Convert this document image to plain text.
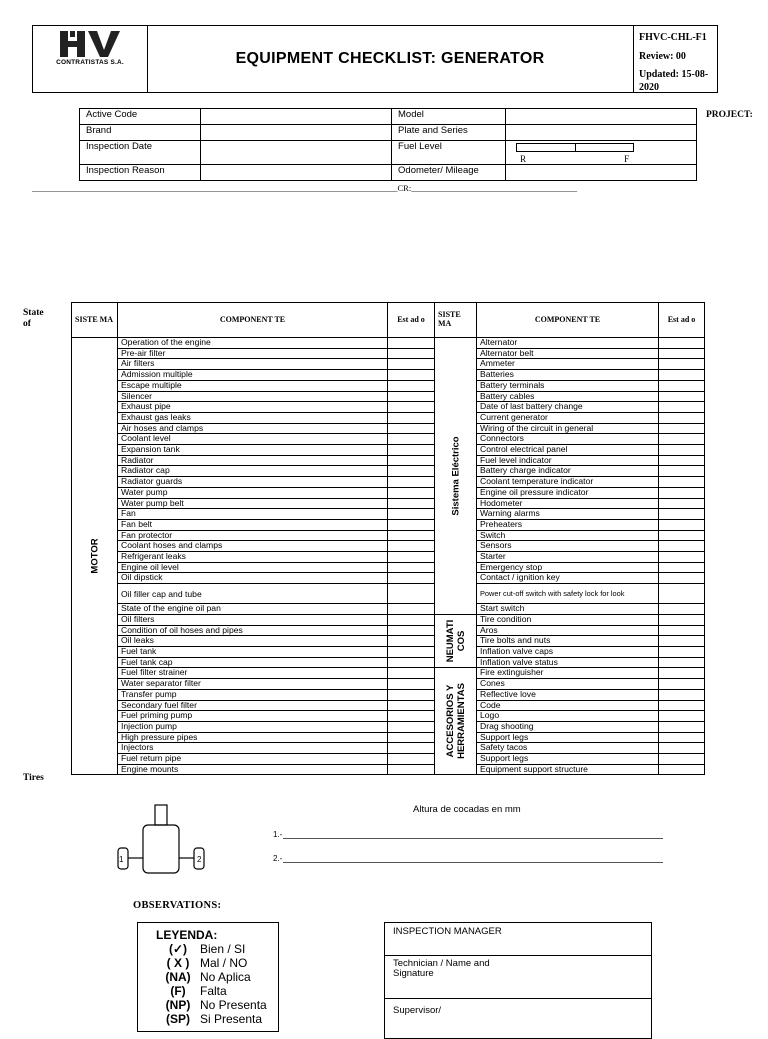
CONTRATISTAS S.A.	EQUIPMENT CHECKLIST: GENERATOR
FHVC-CHL-F1
Review: 00
Updated: 15-08-2020
Active Code		Model	
Brand		Plate and Series	
Inspection Date		Fuel Level	R F

Inspection Reason		Odometer/ Mileage	
PROJECT:
______________________________________________________________________________________CR:_______________________________________
State of	SISTE MA	COMPONENT TE	Est ad o	SISTE MA	COMPONENT TE	Est ad o

MOTOR	Operation of the engine		Sistema Eléctrico	Alternator	
	Pre-air filter			Alternator belt	
	Air filters			Ammeter	
	Admission multiple			Batteries	
	Escape multiple			Battery terminals	
	Silencer			Battery cables	
	Exhaust pipe			Date of last battery change	
	Exhaust gas leaks			Current generator	
	Air hoses and clamps			Wiring of the circuit in general	
	Coolant level			Connectors	
	Expansion tank			Control electrical panel	
	Radiator			Fuel level indicator	
	Radiator cap			Battery charge indicator	
	Radiator guards			Coolant temperature indicator	
	Water pump			Engine oil pressure indicator	
	Water pump belt			Hodometer	
	Fan			Warning alarms	
	Fan belt			Preheaters	
	Fan protector			Switch	
	Coolant hoses and clamps			Sensors	
	Refrigerant leaks			Starter	
	Engine oil level			Emergency stop	
	Oil dipstick			Contact / ignition key	
	Oil filler cap and tube			Power cut-off switch with safety lock for look	
	State of the engine oil pan			Start switch	
	Oil filters		NEUMATI COS	Tire condition	
	Condition of oil hoses and pipes			Aros	
	Oil leaks			Tire bolts and nuts	
	Fuel tank			Inflation valve caps	
	Fuel tank cap			Inflation valve status	
	Fuel filter strainer		ACCESORIOS Y HERRAMIENTAS	Fire extinguisher	
	Water separator filter			Cones	
	Transfer pump			Reflective love	
	Secondary fuel filter			Code	
	Fuel priming pump			Logo	
	Injection pump			Drag shooting	
	High pressure pipes			Support legs	
	Injectors			Safety tacos	
	Fuel return pipe			Support legs	
	Engine mounts			Equipment support structure	
Tires
1	2
Altura de cocadas en mm
1.-
2.-
OBSERVATIONS:
LEYENDA:
(✓)	Bien / SI
( X ) Mal / NO
(NA) No Aplica
(F)	Falta
(NP) No Presenta
(SP) Si Presenta
INSPECTION MANAGER

Technician / Name and Signature

Supervisor/
